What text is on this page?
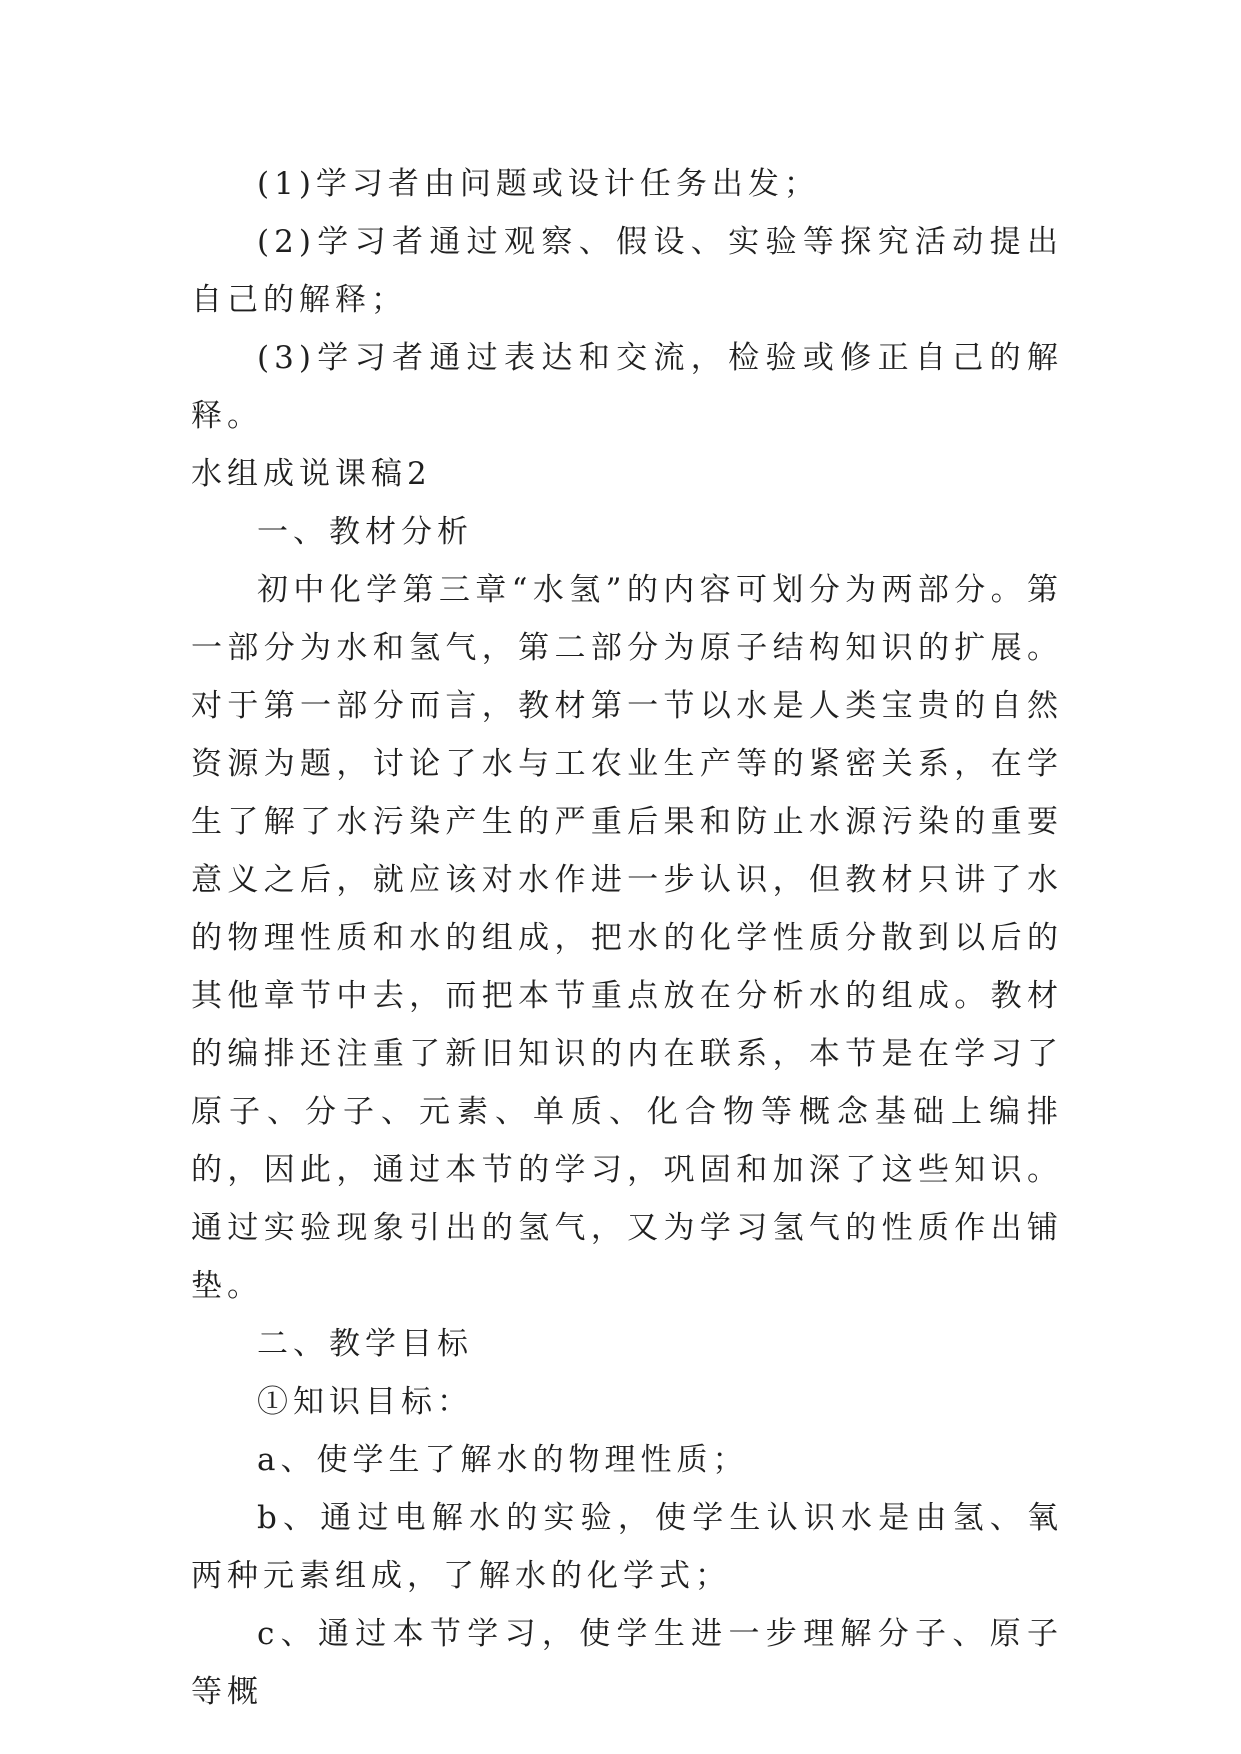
(1)学习者由问题或设计任务出发；

(2)学习者通过观察、假设、实验等探究活动提出自己的解释；

(3)学习者通过表达和交流，检验或修正自己的解释。

水组成说课稿2

一、教材分析

初中化学第三章“水氢”的内容可划分为两部分。第一部分为水和氢气，第二部分为原子结构知识的扩展。对于第一部分而言，教材第一节以水是人类宝贵的自然资源为题，讨论了水与工农业生产等的紧密关系，在学生了解了水污染产生的严重后果和防止水源污染的重要意义之后，就应该对水作进一步认识，但教材只讲了水的物理性质和水的组成，把水的化学性质分散到以后的其他章节中去，而把本节重点放在分析水的组成。教材的编排还注重了新旧知识的内在联系，本节是在学习了原子、分子、元素、单质、化合物等概念基础上编排的，因此，通过本节的学习，巩固和加深了这些知识。通过实验现象引出的氢气，又为学习氢气的性质作出铺垫。

二、教学目标

①知识目标：

a、使学生了解水的物理性质；

b、通过电解水的实验，使学生认识水是由氢、氧两种元素组成，了解水的化学式；

c、通过本节学习，使学生进一步理解分子、原子等概
